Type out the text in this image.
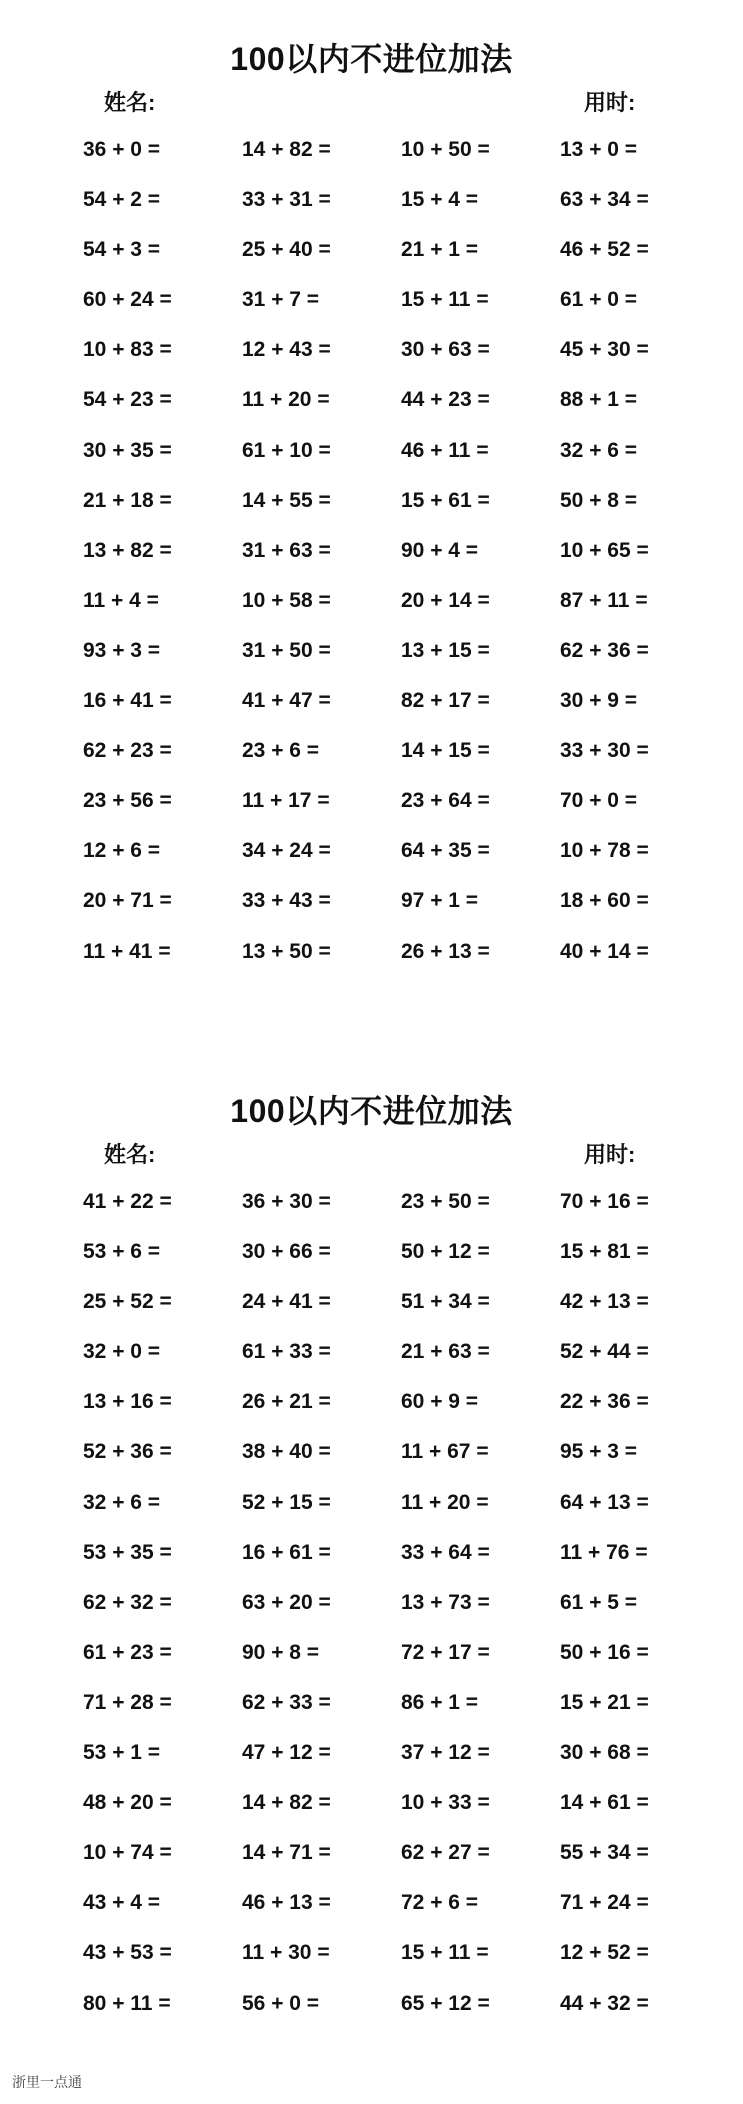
100以内不进位加法
姓名:	用时:
36 + 0 =	14 + 82 =	10 + 50 =	13 + 0 =
54 + 2 =	33 + 31 =	15 + 4 =	63 + 34 =
54 + 3 =	25 + 40 =	21 + 1 =	46 + 52 =
60 + 24 =	31 + 7 =	15 + 11 =	61 + 0 =
10 + 83 =	12 + 43 =	30 + 63 =	45 + 30 =
54 + 23 =	11 + 20 =	44 + 23 =	88 + 1 =
30 + 35 =	61 + 10 =	46 + 11 =	32 + 6 =
21 + 18 =	14 + 55 =	15 + 61 =	50 + 8 =
13 + 82 =	31 + 63 =	90 + 4 =	10 + 65 =
11 + 4 =	10 + 58 =	20 + 14 =	87 + 11 =
93 + 3 =	31 + 50 =	13 + 15 =	62 + 36 =
16 + 41 =	41 + 47 =	82 + 17 =	30 + 9 =
62 + 23 =	23 + 6 =	14 + 15 =	33 + 30 =
23 + 56 =	11 + 17 =	23 + 64 =	70 + 0 =
12 + 6 =	34 + 24 =	64 + 35 =	10 + 78 =
20 + 71 =	33 + 43 =	97 + 1 =	18 + 60 =
11 + 41 =	13 + 50 =	26 + 13 =	40 + 14 =
100以内不进位加法
姓名:	用时:
41 + 22 =	36 + 30 =	23 + 50 =	70 + 16 =
53 + 6 =	30 + 66 =	50 + 12 =	15 + 81 =
25 + 52 =	24 + 41 =	51 + 34 =	42 + 13 =
32 + 0 =	61 + 33 =	21 + 63 =	52 + 44 =
13 + 16 =	26 + 21 =	60 + 9 =	22 + 36 =
52 + 36 =	38 + 40 =	11 + 67 =	95 + 3 =
32 + 6 =	52 + 15 =	11 + 20 =	64 + 13 =
53 + 35 =	16 + 61 =	33 + 64 =	11 + 76 =
62 + 32 =	63 + 20 =	13 + 73 =	61 + 5 =
61 + 23 =	90 + 8 =	72 + 17 =	50 + 16 =
71 + 28 =	62 + 33 =	86 + 1 =	15 + 21 =
53 + 1 =	47 + 12 =	37 + 12 =	30 + 68 =
48 + 20 =	14 + 82 =	10 + 33 =	14 + 61 =
10 + 74 =	14 + 71 =	62 + 27 =	55 + 34 =
43 + 4 =	46 + 13 =	72 + 6 =	71 + 24 =
43 + 53 =	11 + 30 =	15 + 11 =	12 + 52 =
80 + 11 =	56 + 0 =	65 + 12 =	44 + 32 =
浙里一点通
